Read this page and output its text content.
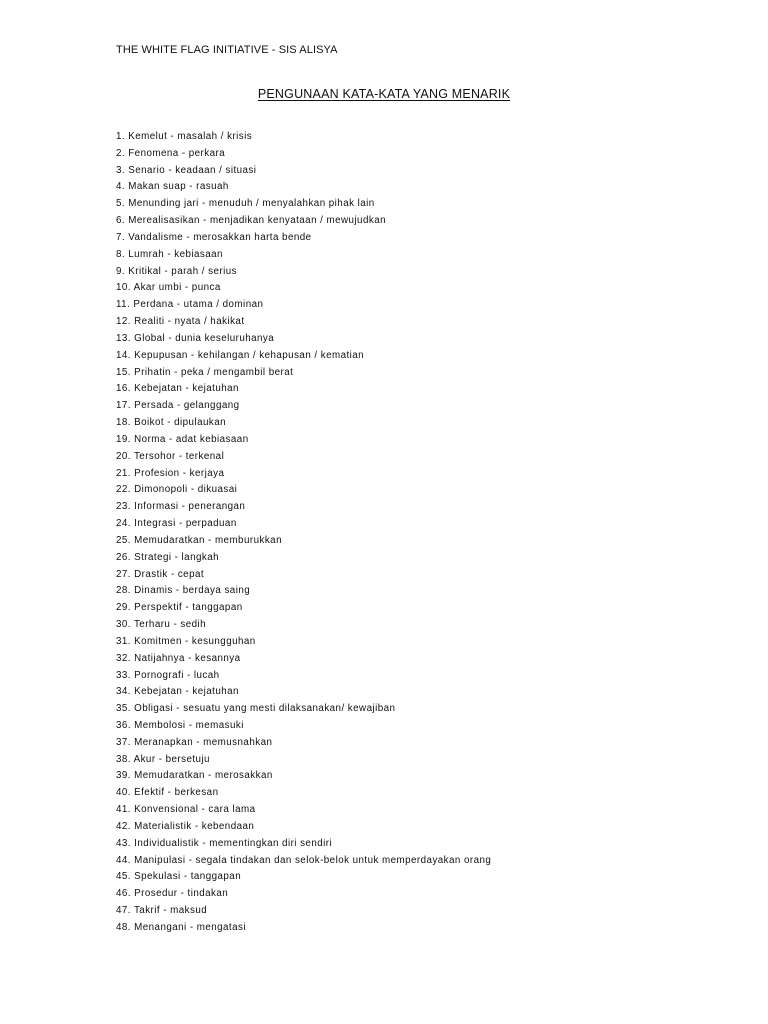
THE WHITE FLAG INITIATIVE - SIS ALISYA
PENGUNAAN KATA-KATA YANG MENARIK
1. Kemelut - masalah / krisis
2. Fenomena - perkara
3. Senario - keadaan / situasi
4. Makan suap - rasuah
5. Menunding jari - menuduh / menyalahkan pihak lain
6. Merealisasikan - menjadikan kenyataan / mewujudkan
7. Vandalisme - merosakkan harta bende
8. Lumrah - kebiasaan
9. Kritikal - parah / serius
10. Akar umbi - punca
11. Perdana - utama / dominan
12. Realiti - nyata / hakikat
13. Global - dunia keseluruhanya
14. Kepupusan - kehilangan / kehapusan / kematian
15. Prihatin - peka / mengambil berat
16. Kebejatan - kejatuhan
17. Persada - gelanggang
18. Boikot - dipulaukan
19. Norma - adat kebiasaan
20. Tersohor - terkenal
21. Profesion - kerjaya
22. Dimonopoli - dikuasai
23. Informasi - penerangan
24. Integrasi - perpaduan
25. Memudaratkan - memburukkan
26. Strategi - langkah
27. Drastik - cepat
28. Dinamis - berdaya saing
29. Perspektif - tanggapan
30. Terharu - sedih
31. Komitmen - kesungguhan
32. Natijahnya - kesannya
33. Pornografi - lucah
34. Kebejatan - kejatuhan
35. Obligasi - sesuatu yang mesti dilaksanakan/ kewajiban
36. Membolosi - memasuki
37. Meranapkan - memusnahkan
38. Akur - bersetuju
39. Memudaratkan - merosakkan
40. Efektif - berkesan
41. Konvensional - cara lama
42. Materialistik - kebendaan
43. Individualistik - mementingkan diri sendiri
44. Manipulasi - segala tindakan dan selok-belok untuk memperdayakan orang
45. Spekulasi - tanggapan
46. Prosedur - tindakan
47. Takrif - maksud
48. Menangani - mengatasi
